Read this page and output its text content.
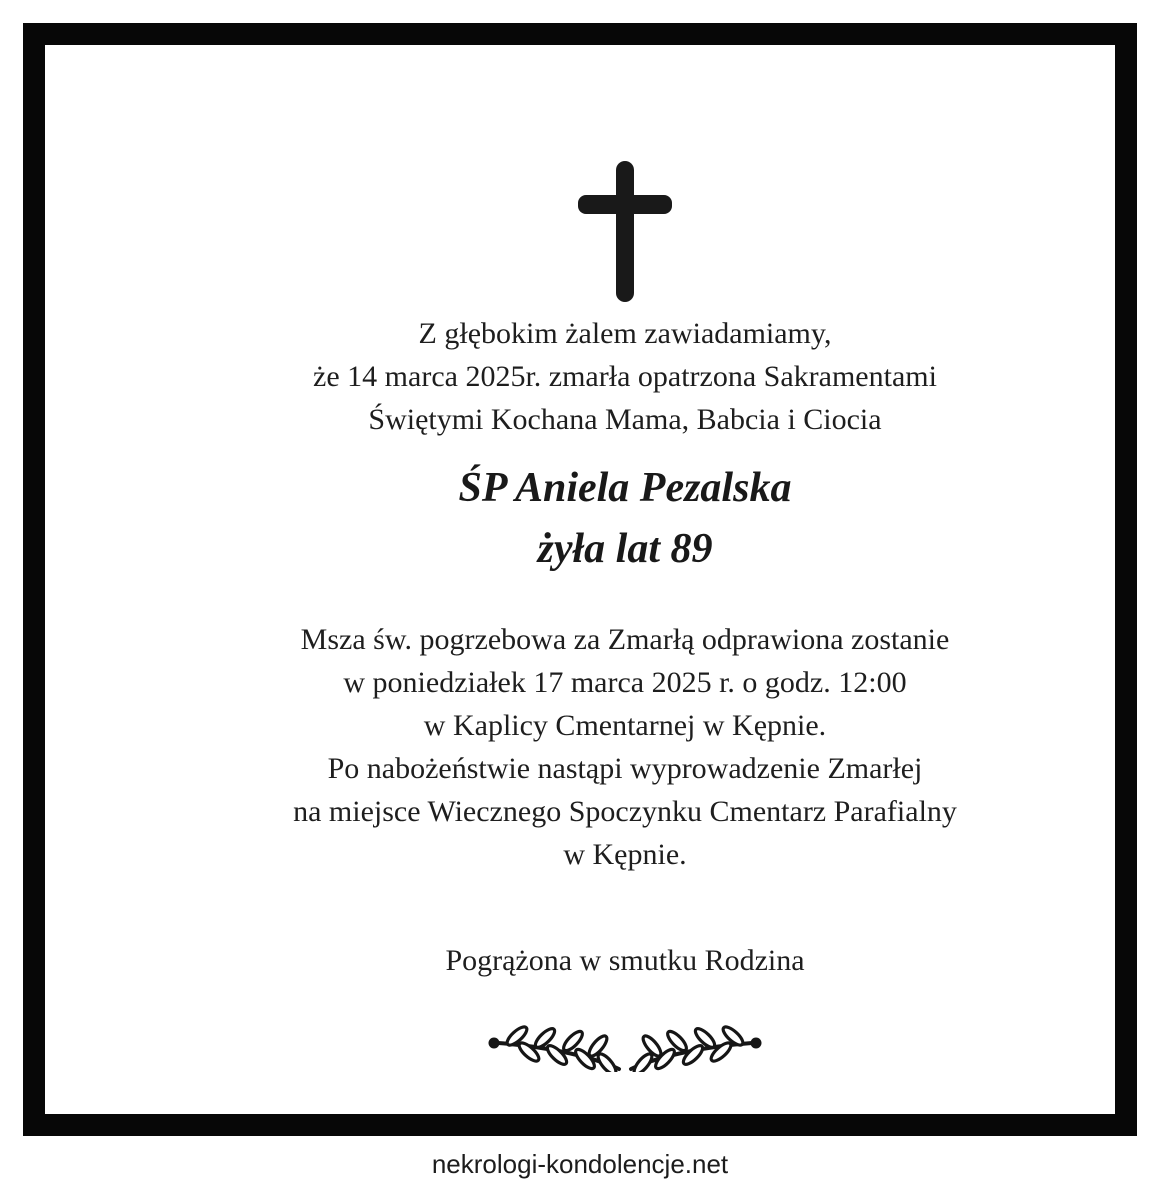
Z głębokim żalem zawiadamiamy,
że 14 marca 2025r. zmarła opatrzona Sakramentami
Świętymi Kochana Mama, Babcia i Ciocia
ŚP Aniela Pezalska
żyła lat 89
Msza św. pogrzebowa za Zmarłą odprawiona zostanie
w poniedziałek 17 marca 2025 r. o godz. 12:00
w Kaplicy Cmentarnej w Kępnie.
Po nabożeństwie nastąpi wyprowadzenie Zmarłej
na miejsce Wiecznego Spoczynku Cmentarz Parafialny
w Kępnie.
Pogrążona w smutku Rodzina
nekrologi-kondolencje.net
